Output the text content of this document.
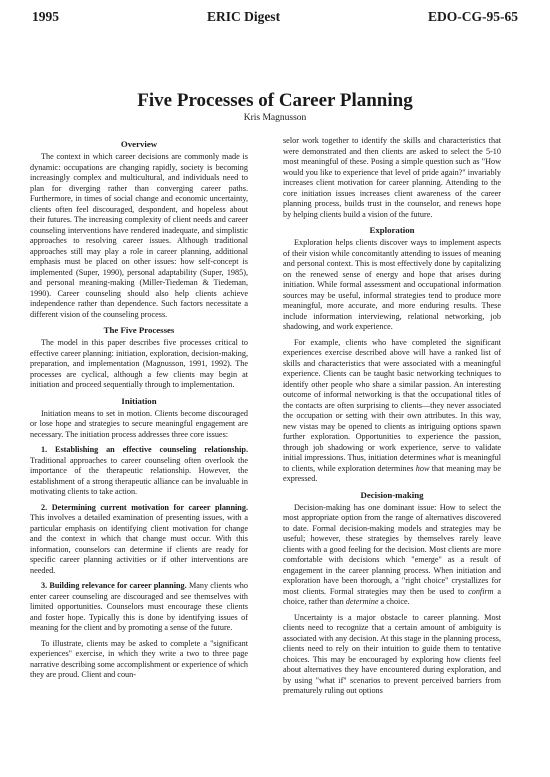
1995	ERIC Digest	EDO-CG-95-65
Five Processes of Career Planning

Kris Magnusson

Overview

The context in which career decisions are commonly made is dynamic: occupations are changing rapidly, society is becoming increasingly complex and multicultural, and individuals need to plan for diverging rather than converging career paths. Furthermore, in times of social change and economic uncertainty, clients often feel discouraged, despondent, and hopeless about their futures. The increasing complexity of client needs and career counseling interventions have rendered inadequate, and simplistic approaches to resolving career issues. Although traditional approaches still may play a role in career planning, additional emphasis must be placed on other issues: how self-concept is implemented (Super, 1990), personal adaptability (Super, 1985), and personal meaning-making (Miller-Tiedeman & Tiedeman, 1990). Career counseling should also help clients achieve independence rather than dependence. Such factors necessitate a different vision of the counseling process.

The Five Processes

The model in this paper describes five processes critical to effective career planning: initiation, exploration, decision-making, preparation, and implementation (Magnusson, 1991, 1992). The processes are cyclical, although a few clients may begin at initiation and proceed sequentially through to implementation.

Initiation

Initiation means to set in motion. Clients become discouraged or lose hope and strategies to secure meaningful engagement are necessary. The initiation process addresses three core issues:

1. Establishing an effective counseling relationship. Traditional approaches to career counseling often overlook the importance of the therapeutic relationship. However, the establishment of a strong therapeutic alliance can be invaluable in motivating clients to take action.

2. Determining current motivation for career planning. This involves a detailed examination of presenting issues, with a particular emphasis on identifying client motivation for change and the context in which that change must occur. With this information, counselors can determine if clients are ready for specific career planning activities or if other interventions are needed.

3. Building relevance for career planning. Many clients who enter career counseling are discouraged and see themselves with limited opportunities. Counselors must encourage these clients and foster hope. Typically this is done by identifying issues of meaning for the client and by promoting a sense of the future.

To illustrate, clients may be asked to complete a "significant experiences" exercise, in which they write a two to three page narrative describing some accomplishment or experience of which they are proud. Client and coun-

selor work together to identify the skills and characteristics that were demonstrated and then clients are asked to select the 5-10 most meaningful of these. Posing a simple question such as "How would you like to experience that level of pride again?" invariably increases client motivation for career planning. Attending to the core initiation issues increases client awareness of the career planning process, builds trust in the counselor, and renews hope by helping clients build a vision of the future.

Exploration

Exploration helps clients discover ways to implement aspects of their vision while concomitantly attending to issues of meaning and personal context. This is most effectively done by capitalizing on the renewed sense of energy and hope that arises during initiation. While formal assessment and occupational information sources may be useful, informal strategies tend to produce more meaningful, more accurate, and more enduring results. These include information interviewing, relational networking, job shadowing, and work experience.

For example, clients who have completed the significant experiences exercise described above will have a ranked list of skills and characteristics that were associated with a meaningful experience. Clients can be taught basic networking techniques to identify other people who share a similar passion. An interesting outcome of informal networking is that the occupational titles of the contacts are often surprising to clients—they never associated the occupation or setting with their own attributes. In this way, new vistas may be opened to clients as intriguing options spawn further exploration. Opportunities to experience the passion, through job shadowing or work experience, serve to validate initial impressions. Thus, initiation determines what is meaningful to clients, while exploration determines how that meaning may be expressed.

Decision-making

Decision-making has one dominant issue: How to select the most appropriate option from the range of alternatives discovered to date. Formal decision-making models and strategies may be useful; however, these strategies by themselves rarely leave clients with a good feeling for the decision. Most clients are more comfortable with decisions which "emerge" as a result of engagement in the career planning process. When initiation and exploration have been thorough, a "right choice" crystallizes for most clients. Formal strategies may then be used to confirm a choice, rather than determine a choice.

Uncertainty is a major obstacle to career planning. Most clients need to recognize that a certain amount of ambiguity is associated with any decision. At this stage in the planning process, clients need to rely on their intuition to guide them to tentative choices. This may be encouraged by exploring how clients feel about alternatives they have encountered during exploration, and by using "what if" scenarios to prevent perceived barriers from prematurely ruling out options
